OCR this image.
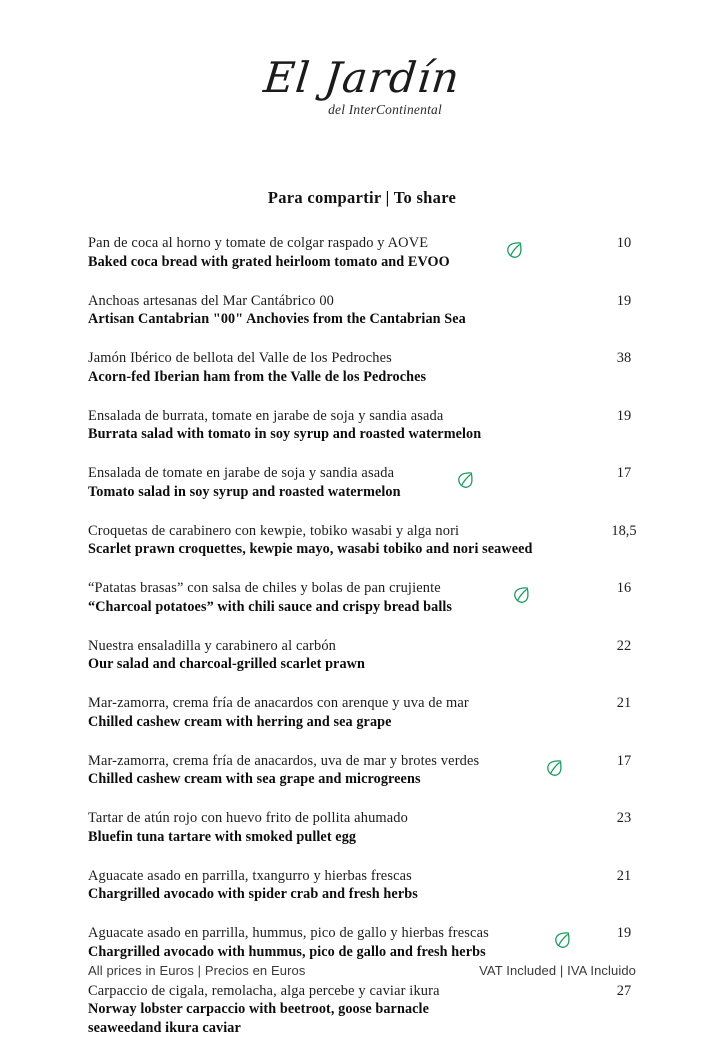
El Jardín
del InterContinental
Para compartir | To share
Pan de coca al horno y tomate de colgar raspado y AOVE
Baked coca bread with grated heirloom tomato and EVOO
10
Anchoas artesanas del Mar Cantábrico 00
Artisan Cantabrian "00" Anchovies from the Cantabrian Sea
19
Jamón Ibérico de bellota del Valle de los Pedroches
Acorn-fed Iberian ham from the Valle de los Pedroches
38
Ensalada de burrata, tomate en jarabe de soja y sandia asada
Burrata salad with tomato in soy syrup and roasted watermelon
19
Ensalada de tomate en jarabe de soja y sandia asada
Tomato salad in soy syrup and roasted watermelon
17
Croquetas de carabinero con kewpie, tobiko wasabi y alga nori
Scarlet prawn croquettes, kewpie mayo, wasabi tobiko and nori seaweed
18,5
“Patatas brasas” con salsa de chiles y bolas de pan crujiente
“Charcoal potatoes” with chili sauce and crispy bread balls
16
Nuestra ensaladilla y carabinero al carbón
Our salad and charcoal-grilled scarlet prawn
22
Mar-zamorra, crema fría de anacardos con arenque y uva de mar
Chilled cashew cream with herring and sea grape
21
Mar-zamorra, crema fría de anacardos, uva de mar y brotes verdes
Chilled cashew cream with sea grape and microgreens
17
Tartar de atún rojo con huevo frito de pollita ahumado
Bluefin tuna tartare with smoked pullet egg
23
Aguacate asado en parrilla, txangurro y hierbas frescas
Chargrilled avocado with spider crab and fresh herbs
21
Aguacate asado en parrilla, hummus, pico de gallo y hierbas frescas
Chargrilled avocado with hummus, pico de gallo and fresh herbs
19
Carpaccio de cigala, remolacha, alga percebe y caviar ikura
Norway lobster carpaccio with beetroot, goose barnacle
seaweedand ikura caviar
27
All prices in Euros | Precios en Euros	VAT Included | IVA Incluido
